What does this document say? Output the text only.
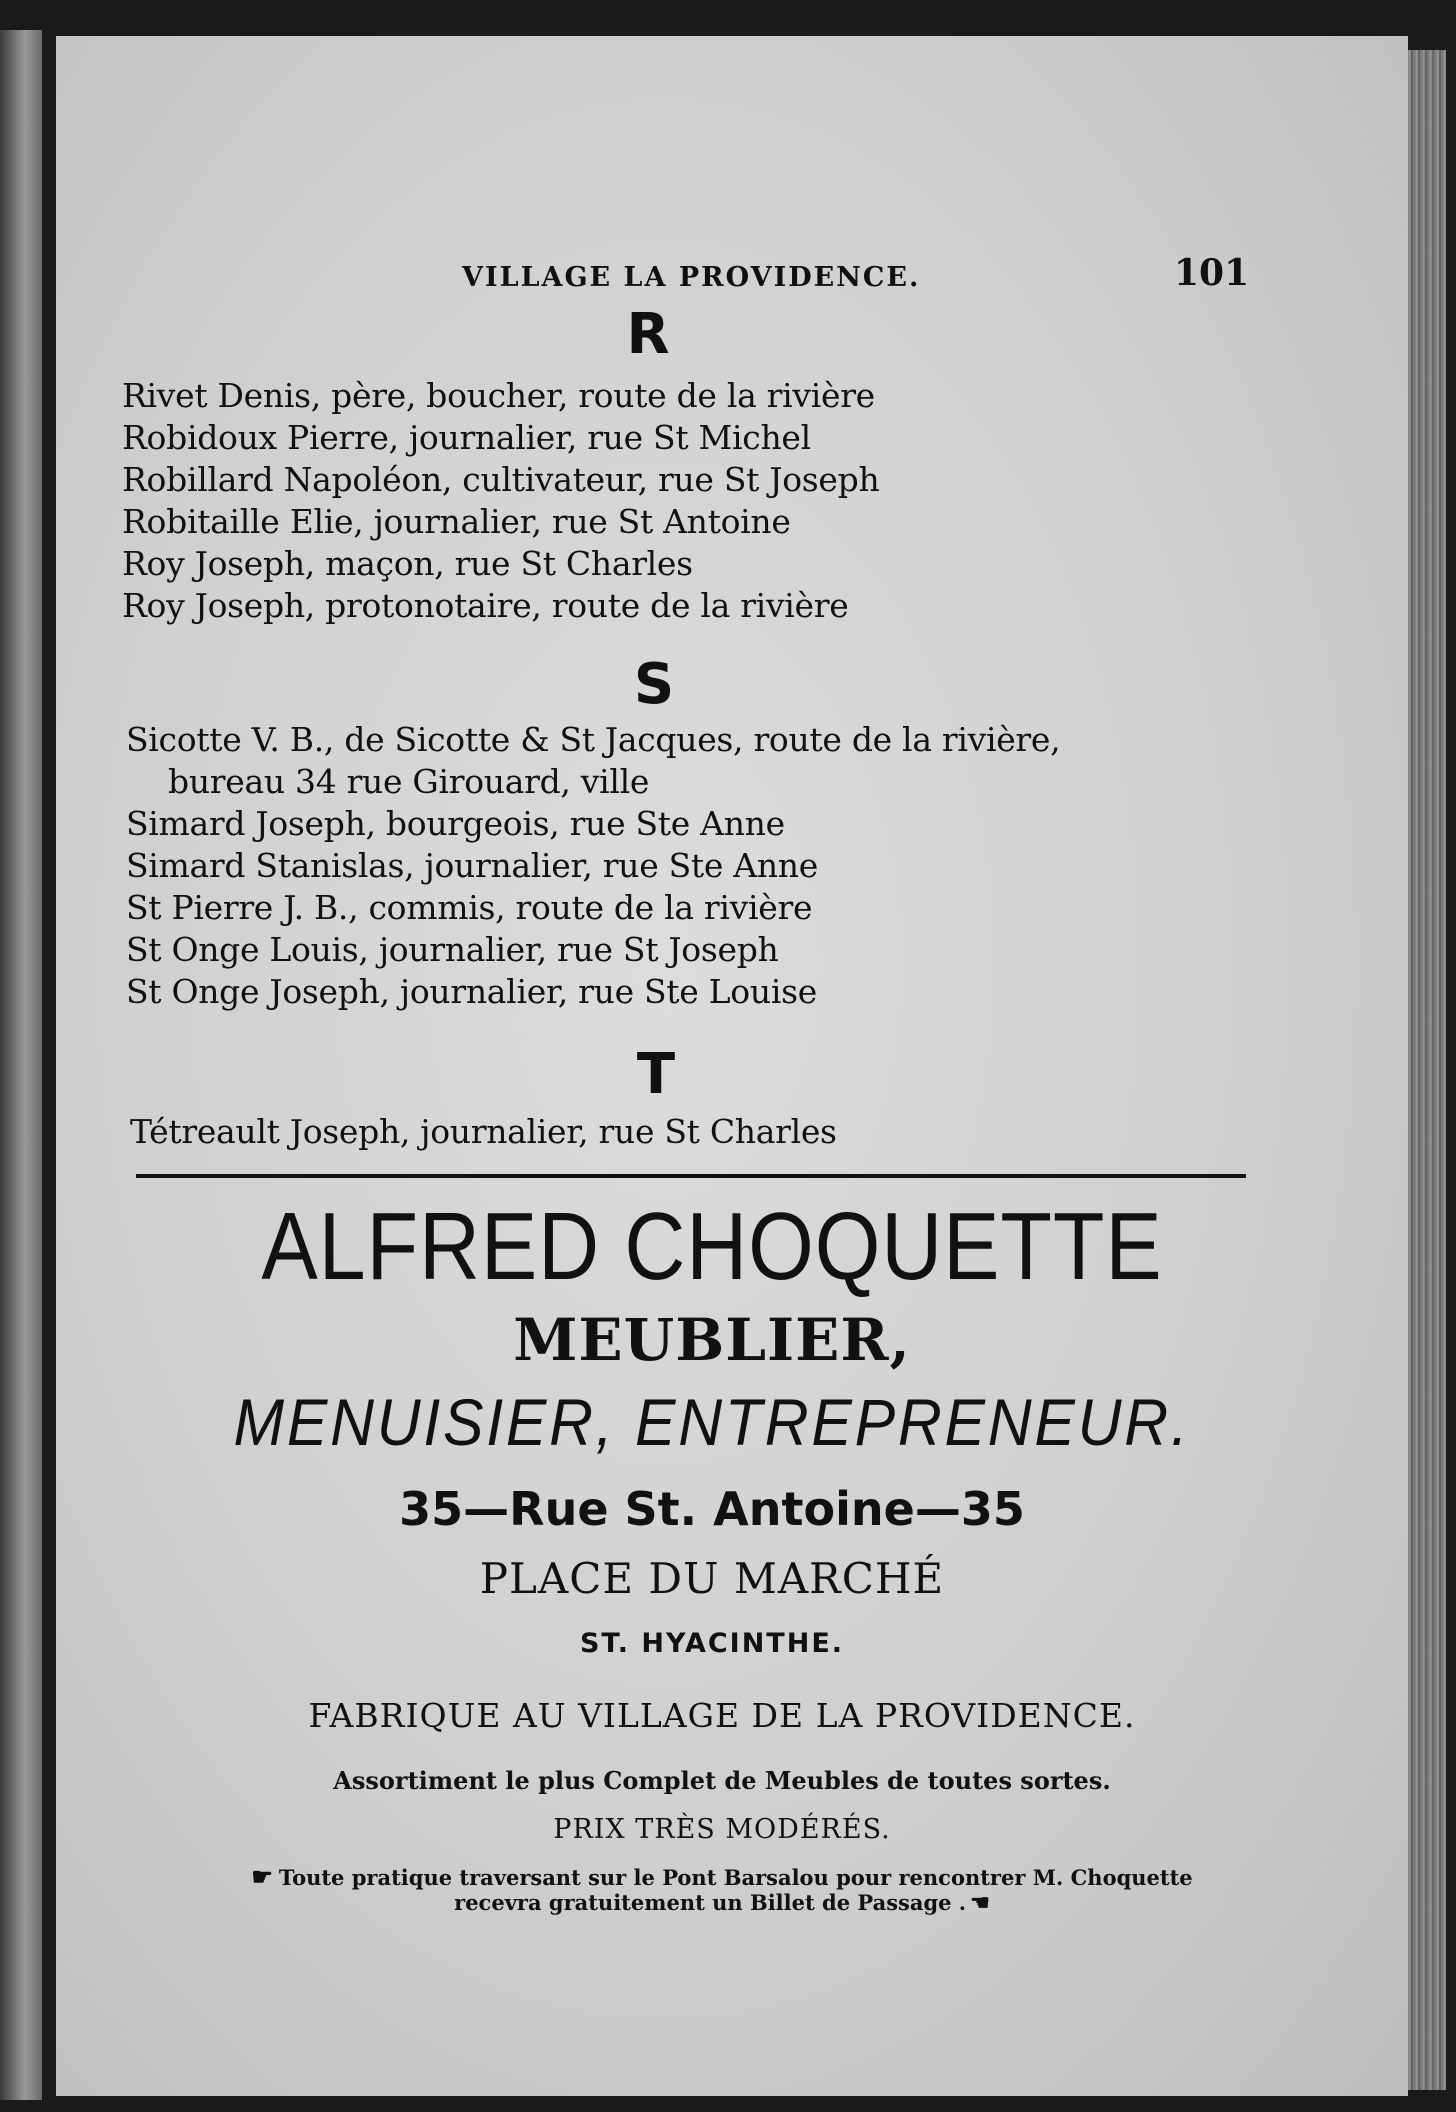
VILLAGE LA PROVIDENCE.	101
R
Rivet Denis, père, boucher, route de la rivière
Robidoux Pierre, journalier, rue St Michel
Robillard Napoléon, cultivateur, rue St Joseph
Robitaille Elie, journalier, rue St Antoine
Roy Joseph, maçon, rue St Charles
Roy Joseph, protonotaire, route de la rivière
S
Sicotte V. B., de Sicotte & St Jacques, route de la rivière,
bureau 34 rue Girouard, ville
Simard Joseph, bourgeois, rue Ste Anne
Simard Stanislas, journalier, rue Ste Anne
St Pierre J. B., commis, route de la rivière
St Onge Louis, journalier, rue St Joseph
St Onge Joseph, journalier, rue Ste Louise
T
Tétreault Joseph, journalier, rue St Charles
ALFRED CHOQUETTE
MEUBLIER,
MENUISIER, ENTREPRENEUR.
35—Rue St. Antoine—35
PLACE DU MARCHÉ
ST. HYACINTHE.
FABRIQUE AU VILLAGE DE LA PROVIDENCE.
Assortiment le plus Complet de Meubles de toutes sortes.
PRIX TRÈS MODÉRÉS.
☛ Toute pratique traversant sur le Pont Barsalou pour rencontrer M. Choquette
recevra gratuitement un Billet de Passage . ☚
